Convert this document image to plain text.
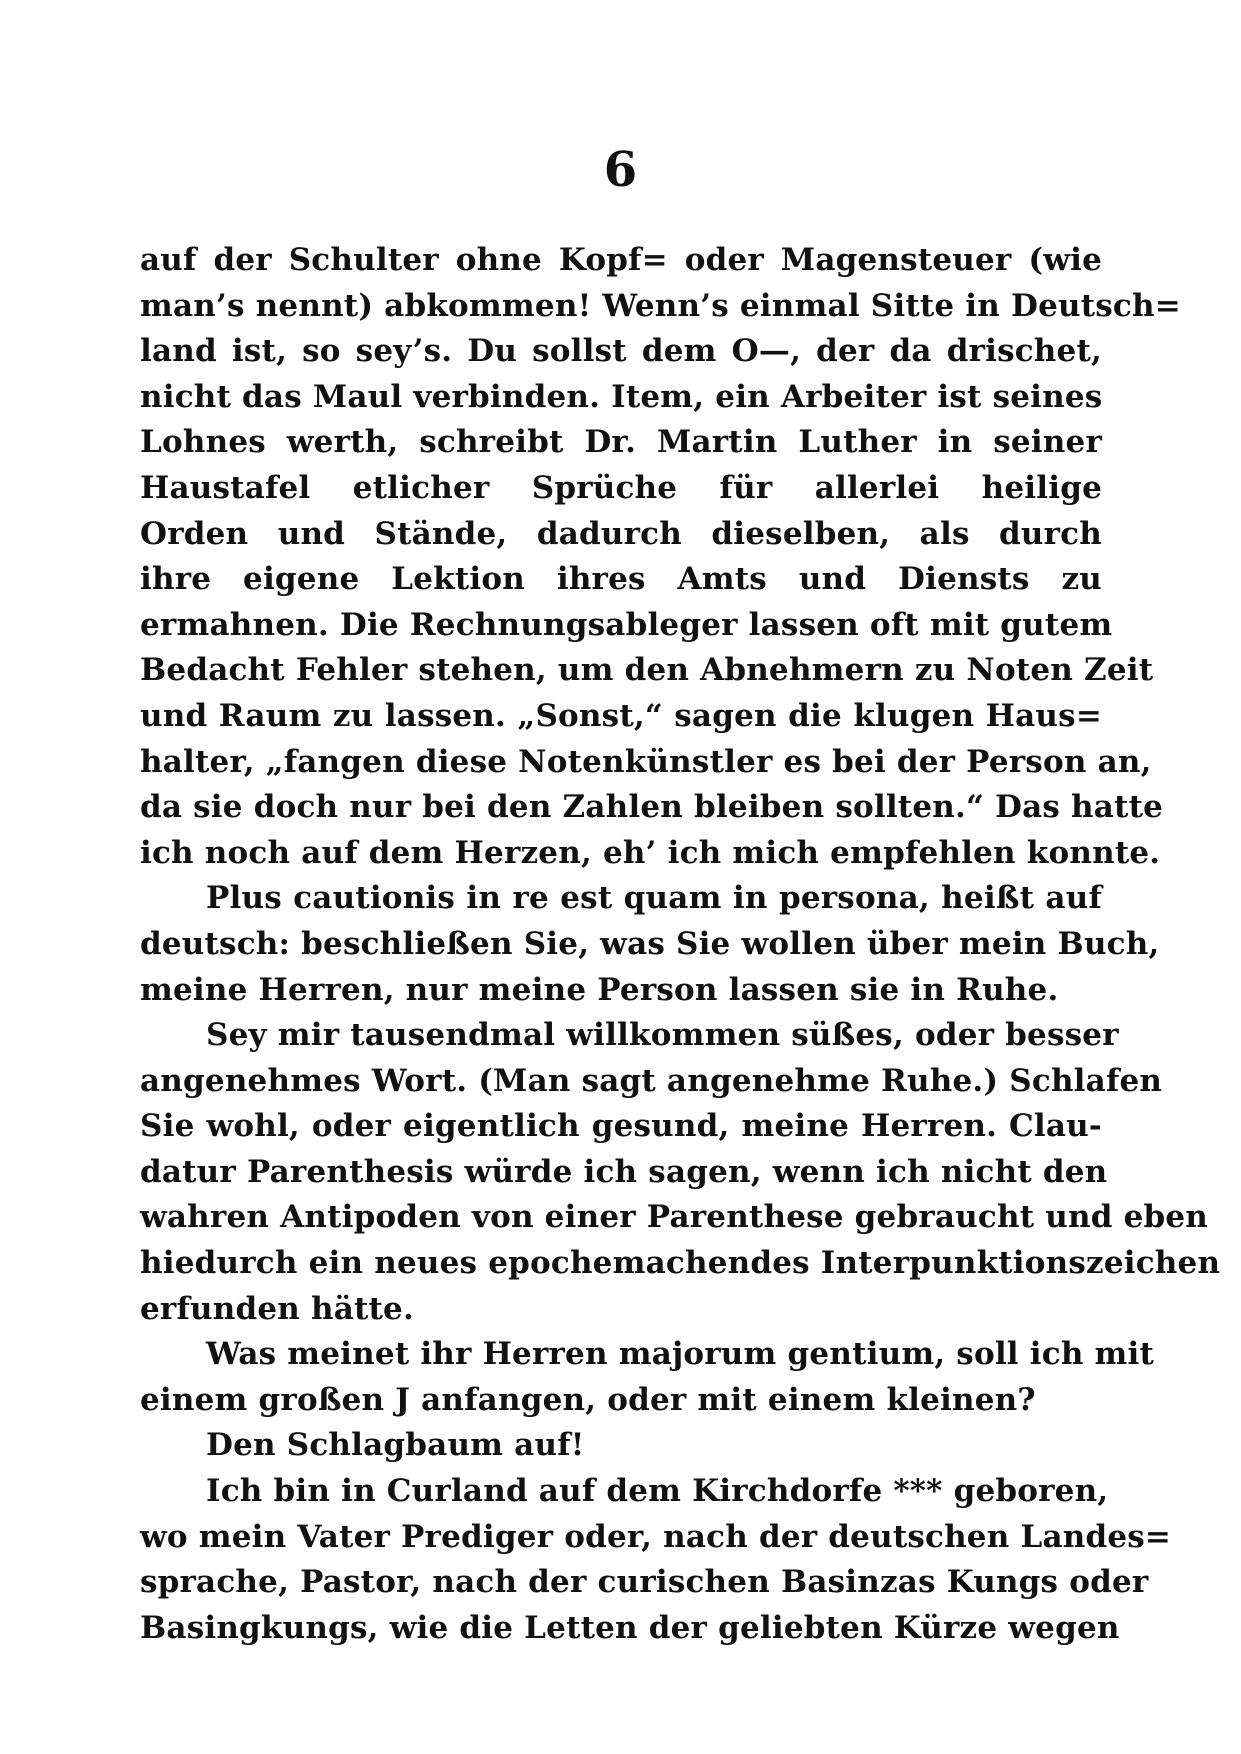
6
auf der Schulter ohne Kopf= oder Magensteuer (wie
man’s nennt) abkommen! Wenn’s einmal Sitte in Deutsch=
land ist, so sey’s. Du sollst dem O—, der da drischet,
nicht das Maul verbinden. Item, ein Arbeiter ist seines
Lohnes werth, schreibt Dr. Martin Luther in seiner
Haustafel etlicher Sprüche für allerlei heilige
Orden und Stände, dadurch dieselben, als durch
ihre eigene Lektion ihres Amts und Diensts zu
ermahnen. Die Rechnungsableger lassen oft mit gutem
Bedacht Fehler stehen, um den Abnehmern zu Noten Zeit
und Raum zu lassen. „Sonst,“ sagen die klugen Haus=
halter, „fangen diese Notenkünstler es bei der Person an,
da sie doch nur bei den Zahlen bleiben sollten.“ Das hatte
ich noch auf dem Herzen, eh’ ich mich empfehlen konnte.
Plus cautionis in re est quam in persona, heißt auf
deutsch: beschließen Sie, was Sie wollen über mein Buch,
meine Herren, nur meine Person lassen sie in Ruhe.
Sey mir tausendmal willkommen süßes, oder besser
angenehmes Wort. (Man sagt angenehme Ruhe.) Schlafen
Sie wohl, oder eigentlich gesund, meine Herren. Clau-
datur Parenthesis würde ich sagen, wenn ich nicht den
wahren Antipoden von einer Parenthese gebraucht und eben
hiedurch ein neues epochemachendes Interpunktionszeichen
erfunden hätte.
Was meinet ihr Herren majorum gentium, soll ich mit
einem großen J anfangen, oder mit einem kleinen?
Den Schlagbaum auf!
Ich bin in Curland auf dem Kirchdorfe *** geboren,
wo mein Vater Prediger oder, nach der deutschen Landes=
sprache, Pastor, nach der curischen Basinzas Kungs oder
Basingkungs, wie die Letten der geliebten Kürze wegen
